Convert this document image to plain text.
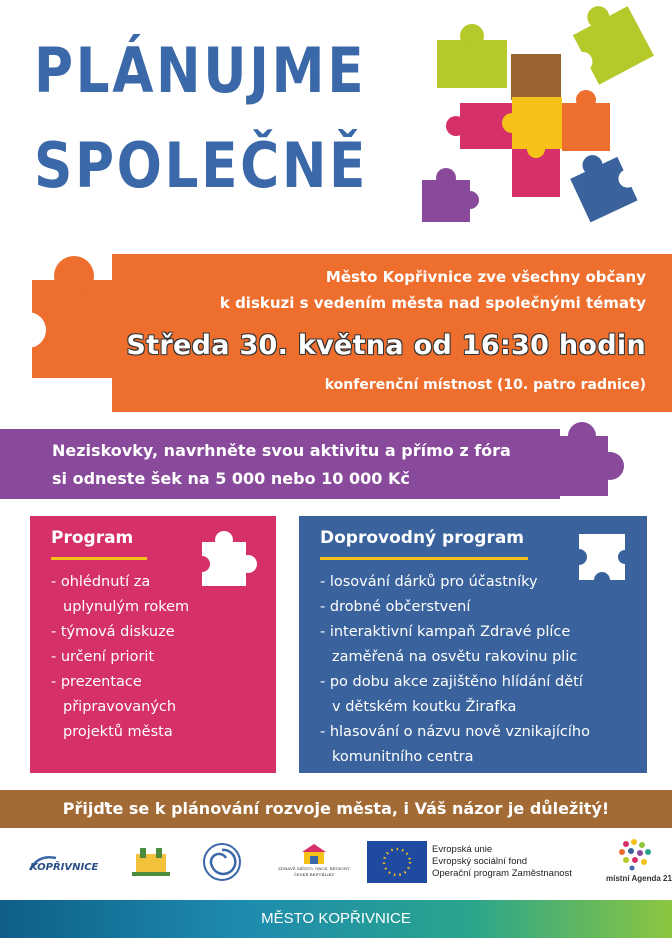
PLÁNUJME
SPOLEČNĚ
Město Kopřivnice zve všechny občany
k diskuzi s vedením města nad společnými tématy
Středa 30. května od 16:30 hodin
konferenční místnost (10. patro radnice)
Neziskovky, navrhněte svou aktivitu a přímo z fóra
si odneste šek na 5 000 nebo 10 000 Kč
Program
- ohlédnutí za
uplynulým rokem
- týmová diskuze
- určení priorit
- prezentace
připravovaných
projektů města
Doprovodný program
- losování dárků pro účastníky
- drobné občerstvení
- interaktivní kampaň Zdravé plíce
zaměřená na osvětu rakovinu plic
- po dobu akce zajištěno hlídání dětí
v dětském koutku Žirafka
- hlasování o názvu nově vznikajícího
komunitního centra
Přijďte se k plánování rozvoje města, i Váš názor je důležitý!
KOPŘIVNICE	ZDRAVÉ MĚSTO, OBCE, REGIONY ČESKÉ REPUBLIKY
Evropská unie
Evropský sociální fond
Operační program Zaměstnanost	místní Agenda 21
MĚSTO KOPŘIVNICE
